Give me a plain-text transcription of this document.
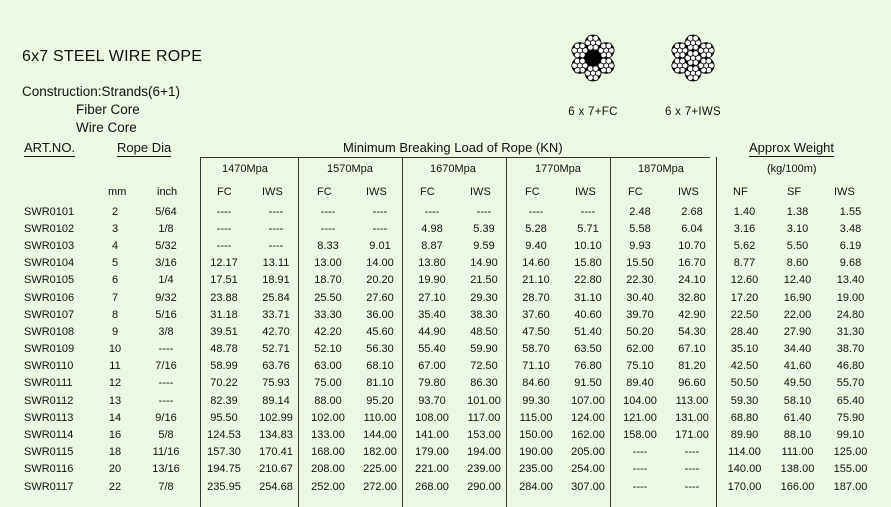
6x7 STEEL WIRE ROPE
Construction:Strands(6+1)
Fiber Core
Wire Core
6 x 7+FC	6 x 7+IWS
ART.NO.	Rope Dia	Minimum Breaking Load of Rope (KN)	Approx Weight
1470Mpa	1570Mpa	1670Mpa	1770Mpa	1870Mpa	(kg/100m)
mm	inch	FC	IWS	FC	IWS	FC	IWS	FC	IWS	FC	IWS	NF	SF	IWS
SWR0101	2	5/64	----	----	----	----	----	----	----	----	2.48	2.68	1.40	1.38	1.55
SWR0102	3	1/8	----	----	----	----	4.98	5.39	5.28	5.71	5.58	6.04	3.16	3.10	3.48
SWR0103	4	5/32	----	----	8.33	9.01	8.87	9.59	9.40	10.10	9.93	10.70	5.62	5.50	6.19
SWR0104	5	3/16	12.17	13.11	13.00	14.00	13.80	14.90	14.60	15.80	15.50	16.70	8.77	8.60	9.68
SWR0105	6	1/4	17.51	18.91	18.70	20.20	19.90	21.50	21.10	22.80	22.30	24.10	12.60	12.40	13.40
SWR0106	7	9/32	23.88	25.84	25.50	27.60	27.10	29.30	28.70	31.10	30.40	32.80	17.20	16.90	19.00
SWR0107	8	5/16	31.18	33.71	33.30	36.00	35.40	38.30	37.60	40.60	39.70	42.90	22.50	22.00	24.80
SWR0108	9	3/8	39.51	42.70	42.20	45.60	44.90	48.50	47.50	51.40	50.20	54.30	28.40	27.90	31.30
SWR0109	10	----	48.78	52.71	52.10	56.30	55.40	59.90	58.70	63.50	62.00	67.10	35.10	34.40	38.70
SWR0110	11	7/16	58.99	63.76	63.00	68.10	67.00	72.50	71.10	76.80	75.10	81.20	42.50	41.60	46.80
SWR0111	12	----	70.22	75.93	75.00	81.10	79.80	86.30	84.60	91.50	89.40	96.60	50.50	49.50	55.70
SWR0112	13	----	82.39	89.14	88.00	95.20	93.70	101.00	99.30	107.00	104.00	113.00	59.30	58.10	65.40
SWR0113	14	9/16	95.50	102.99	102.00	110.00	108.00	117.00	115.00	124.00	121.00	131.00	68.80	61.40	75.90
SWR0114	16	5/8	124.53	134.83	133.00	144.00	141.00	153.00	150.00	162.00	158.00	171.00	89.90	88.10	99.10
SWR0115	18	11/16	157.30	170.41	168.00	182.00	179.00	194.00	190.00	205.00	----	----	114.00	111.00	125.00
SWR0116	20	13/16	194.75	210.67	208.00	225.00	221.00	239.00	235.00	254.00	----	----	140.00	138.00	155.00
SWR0117	22	7/8	235.95	254.68	252.00	272.00	268.00	290.00	284.00	307.00	----	----	170.00	166.00	187.00
